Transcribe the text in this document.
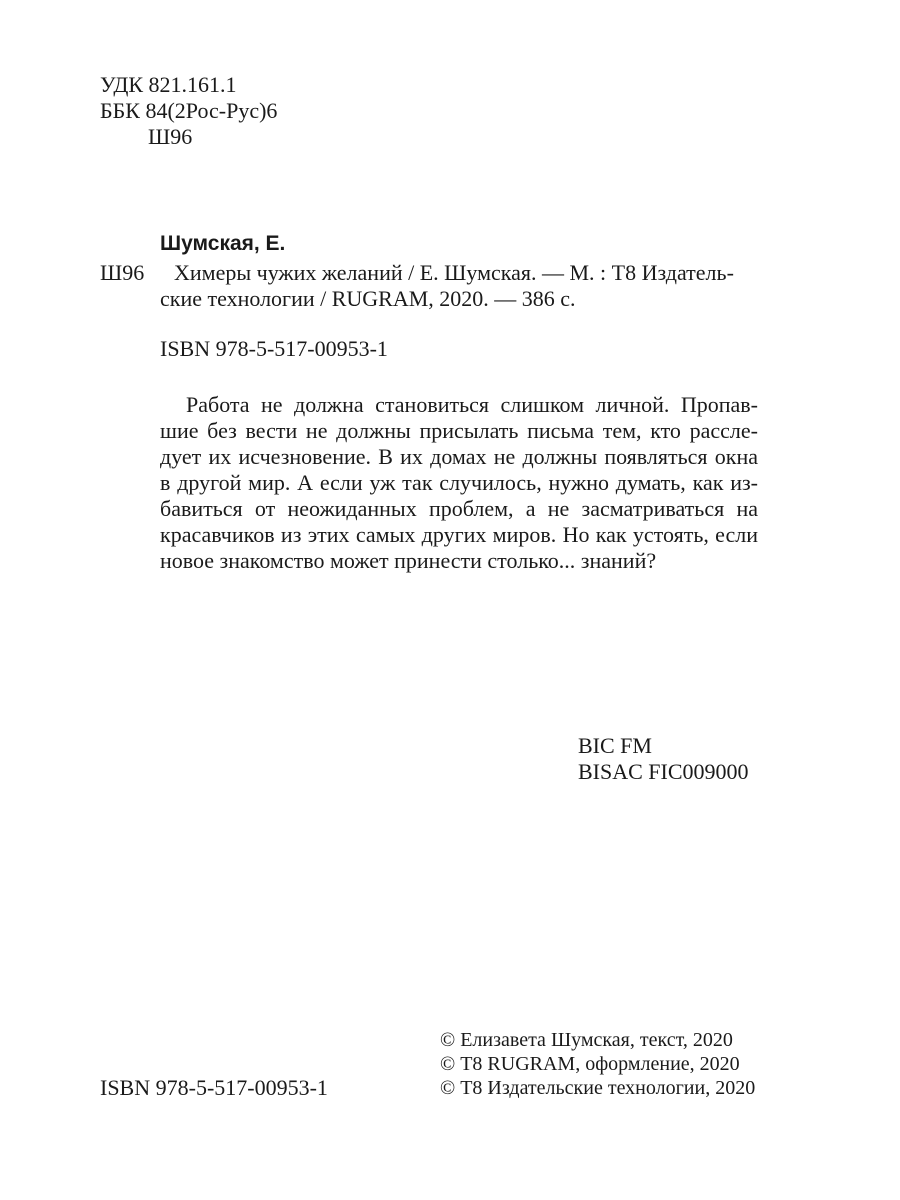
УДК 821.161.1
ББК 84(2Рос-Рус)6
Ш96
Шумская, Е.
Ш96	Химеры чужих желаний / Е. Шумская. — М. : Т8 Издатель-
ские технологии / RUGRAM, 2020. — 386 с.
ISBN 978-5-517-00953-1
Работа не должна становиться слишком личной. Пропав-
шие без вести не должны присылать письма тем, кто рассле-
дует их исчезновение. В их домах не должны появляться окна
в другой мир. А если уж так случилось, нужно думать, как из-
бавиться от неожиданных проблем, а не засматриваться на
красавчиков из этих самых других миров. Но как устоять, если
новое знакомство может принести столько... знаний?
BIC FM
BISAC FIC009000
© Елизавета Шумская, текст, 2020
© Т8 RUGRAM, оформление, 2020
© Т8 Издательские технологии, 2020
ISBN 978-5-517-00953-1
